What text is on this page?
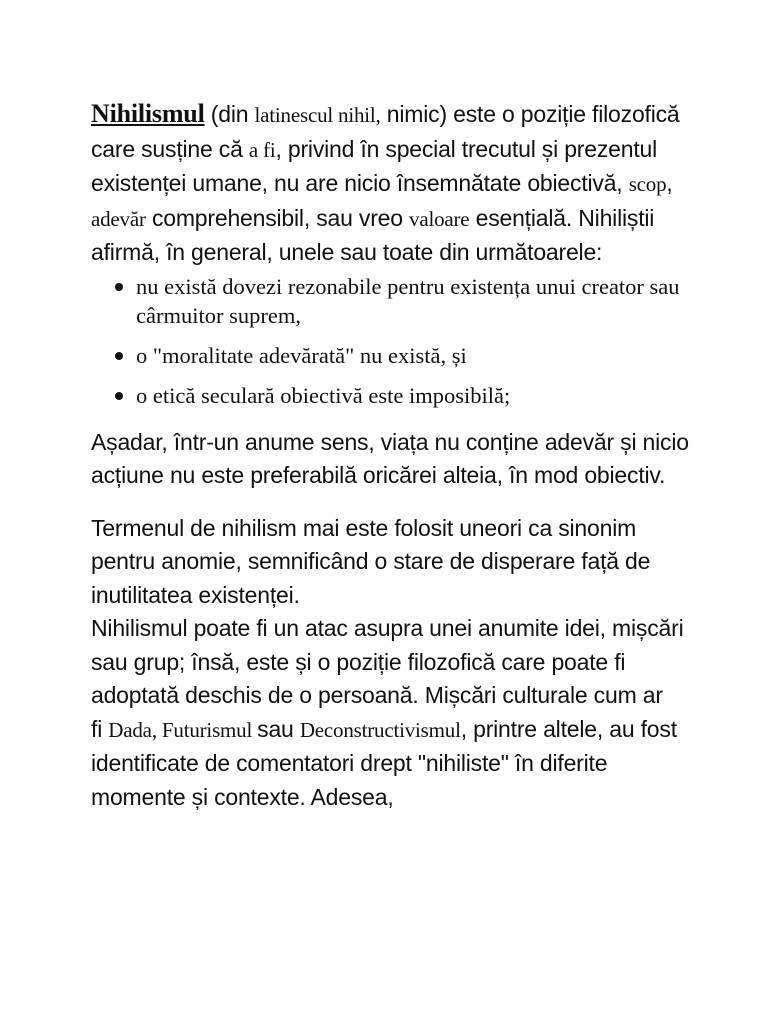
Nihilismul (din latinescul nihil, nimic) este o poziție filozofică care susține că a fi, privind în special trecutul și prezentul existenței umane, nu are nicio însemnătate obiectivă, scop, adevăr comprehensibil, sau vreo valoare esențială. Nihiliștii afirmă, în general, unele sau toate din următoarele:

nu există dovezi rezonabile pentru existența unui creator sau cârmuitor suprem,
o "moralitate adevărată" nu există, și
o etică seculară obiectivă este imposibilă;

Așadar, într-un anume sens, viața nu conține adevăr și nicio acțiune nu este preferabilă oricărei alteia, în mod obiectiv.

Termenul de nihilism mai este folosit uneori ca sinonim pentru anomie, semnificând o stare de disperare față de inutilitatea existenței.

Nihilismul poate fi un atac asupra unei anumite idei, mișcări sau grup; însă, este și o poziție filozofică care poate fi adoptată deschis de o persoană. Mișcări culturale cum ar

fi Dada, Futurismul sau Deconstructivismul, printre altele, au fost identificate de comentatori drept "nihiliste" în diferite momente și contexte. Adesea,
